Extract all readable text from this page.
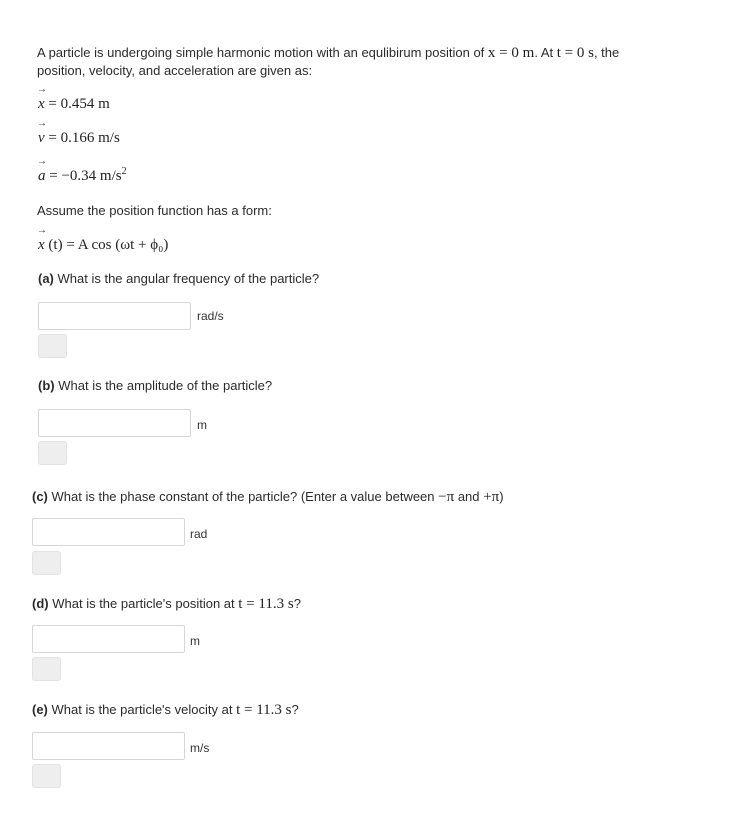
A particle is undergoing simple harmonic motion with an equlibirum position of x = 0 m. At t = 0 s, the
position, velocity, and acceleration are given as:
→ x = 0.454 m
→ v = 0.166 m/s
→ a = −0.34 $m/s^2$
Assume the position function has a form:
→ x (t) = A cos (ωt + ϕ₀)
(a) What is the angular frequency of the particle?
rad/s
(b) What is the amplitude of the particle?
m
(c) What is the phase constant of the particle? (Enter a value between −π and +π)
rad
(d) What is the particle's position at t = 11.3 s?
m
(e) What is the particle's velocity at t = 11.3 s?
m/s
